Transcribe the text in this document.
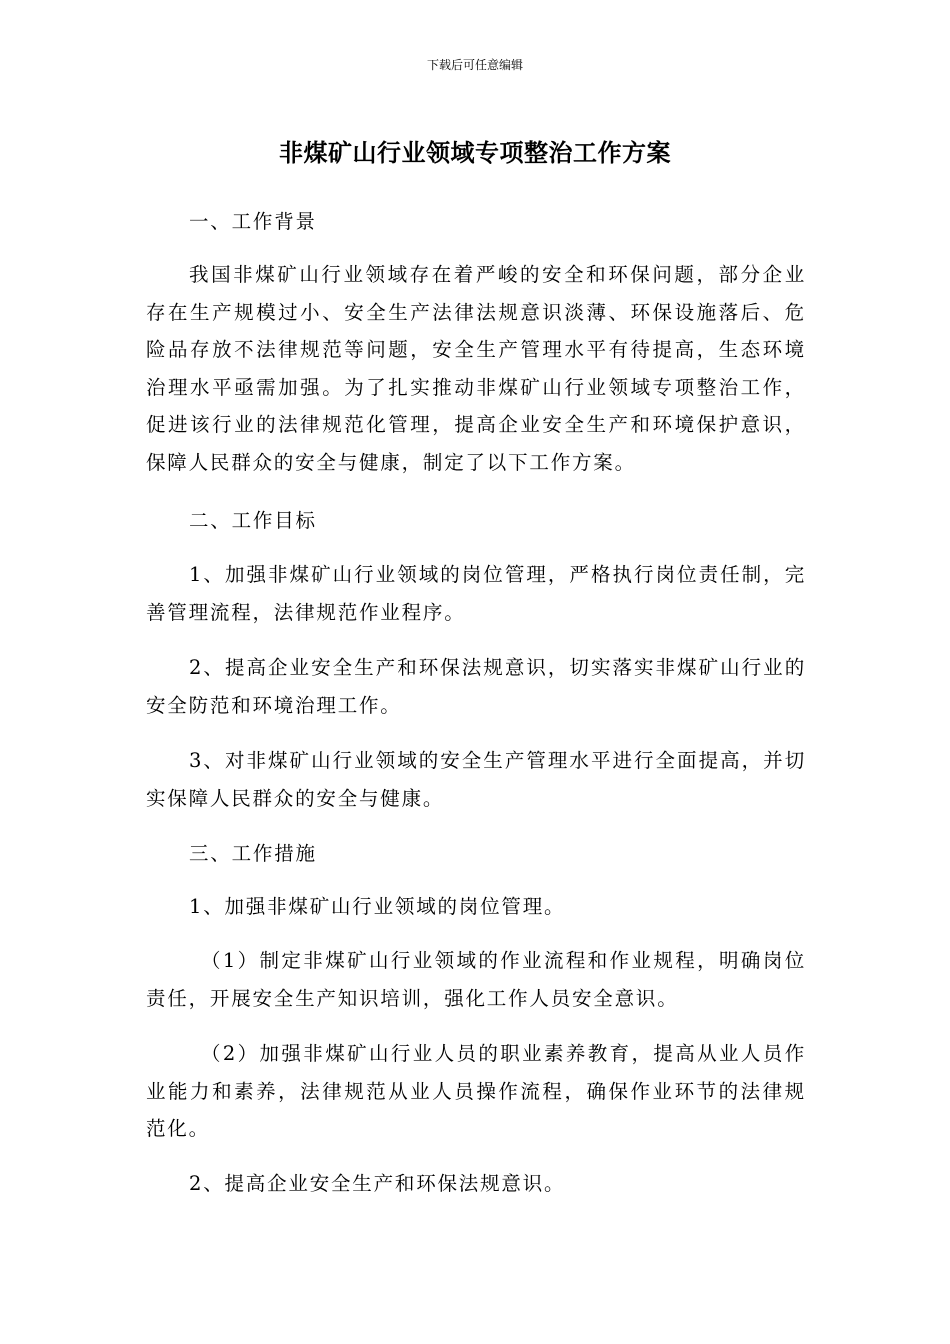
下载后可任意编辑
非煤矿山行业领域专项整治工作方案

一、工作背景

我国非煤矿山行业领域存在着严峻的安全和环保问题，部分企业存在生产规模过小、安全生产法律法规意识淡薄、环保设施落后、危险品存放不法律规范等问题，安全生产管理水平有待提高，生态环境治理水平亟需加强。为了扎实推动非煤矿山行业领域专项整治工作，促进该行业的法律规范化管理，提高企业安全生产和环境保护意识，保障人民群众的安全与健康，制定了以下工作方案。

二、工作目标

1、加强非煤矿山行业领域的岗位管理，严格执行岗位责任制，完善管理流程，法律规范作业程序。

2、提高企业安全生产和环保法规意识，切实落实非煤矿山行业的安全防范和环境治理工作。

3、对非煤矿山行业领域的安全生产管理水平进行全面提高，并切实保障人民群众的安全与健康。

三、工作措施

1、加强非煤矿山行业领域的岗位管理。

（1）制定非煤矿山行业领域的作业流程和作业规程，明确岗位责任，开展安全生产知识培训，强化工作人员安全意识。

（2）加强非煤矿山行业人员的职业素养教育，提高从业人员作业能力和素养，法律规范从业人员操作流程，确保作业环节的法律规范化。

2、提高企业安全生产和环保法规意识。
